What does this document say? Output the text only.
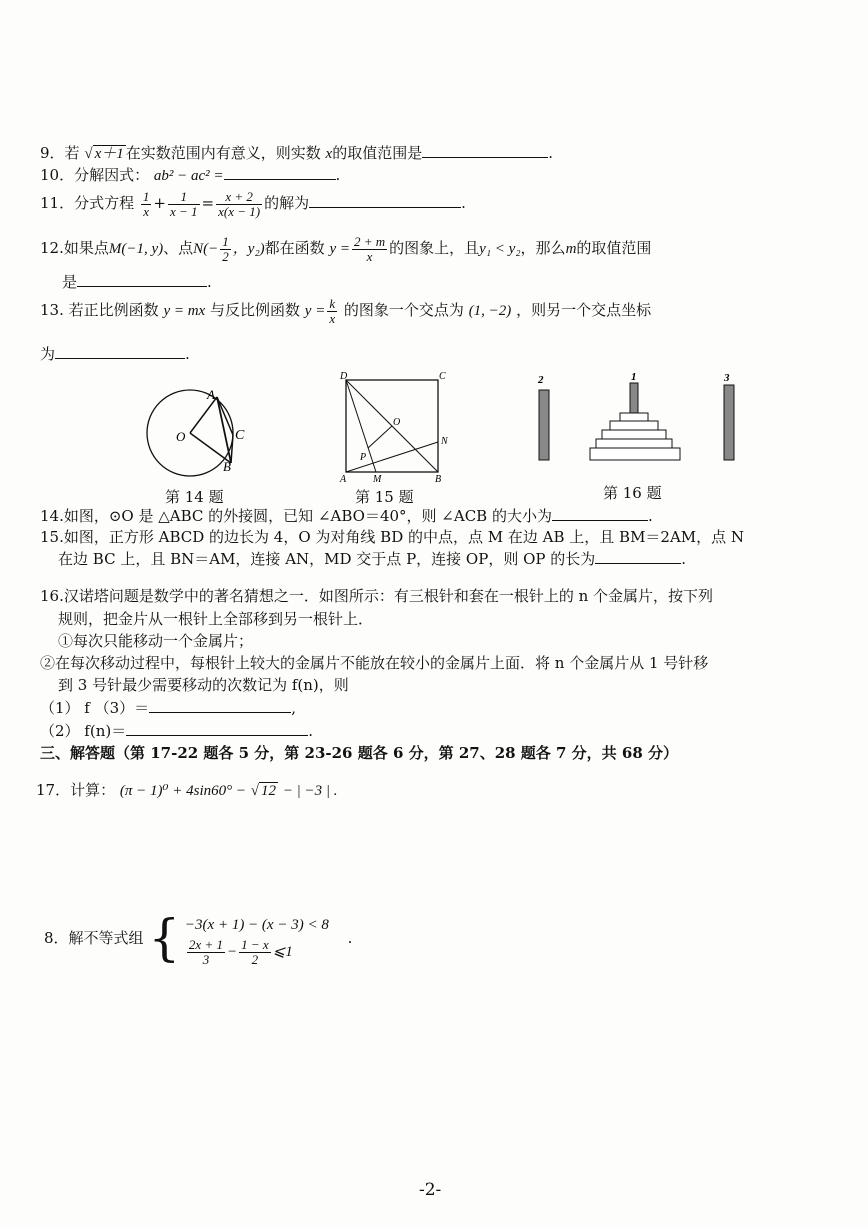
9．若 √ x＋1 在实数范围内有意义，则实数 x的取值范围是	.
10．分解因式： ab² − ac² =	.
11．分式方程 $\frac{1}{x} + \frac{1}{x - 1} = \frac{x + 2}{x(x - 1)}$ 的解为	.
12.如果点M(−1, y)、点$N(- \frac{1}{2}$ ，y₂)都在函数 $y = \frac{2 + m}{x}$ 的图象上，且y₁ < y₂，那么m的取值范围
是	.
13. 若正比例函数 y = mx 与反比例函数 $y = \frac{k}{x}$ 的图象一个交点为 (1, −2) ，则另一个交点坐标
为	.
A
O	C
B
第 14 题
D	C
A	M	B
N
O
P
第 15 题
2	1	3
第 16 题
14.如图，⊙O 是 △ABC 的外接圆，已知 ∠ABO＝40°，则 ∠ACB 的大小为	.
15.如图，正方形 ABCD 的边长为 4，O 为对角线 BD 的中点，点 M 在边 AB 上，且 BM＝2AM，点 N
在边 BC 上，且 BN＝AM，连接 AN，MD 交于点 P，连接 OP，则 OP 的长为	.
16.汉诺塔问题是数学中的著名猜想之一．如图所示：有三根针和套在一根针上的 n 个金属片，按下列
规则，把金片从一根针上全部移到另一根针上．
①每次只能移动一个金属片；
②在每次移动过程中，每根针上较大的金属片不能放在较小的金属片上面．将 n 个金属片从 1 号针移
到 3 号针最少需要移动的次数记为 f(n)，则
（1） f （3）＝	,
（2） f(n)＝	.
三、解答题（第 17-22 题各 5 分，第 23-26 题各 6 分，第 27、28 题各 7 分，共 68 分）
17．计算： (π − 1)⁰ + 4sin60° − √ 12 − | −3 | .
8．解不等式组 { −3(x + 1) − (x − 3) < 8
$\frac{2x + 1}{3} - \frac{1 - x}{2}$ ⩽1
.
-2-
